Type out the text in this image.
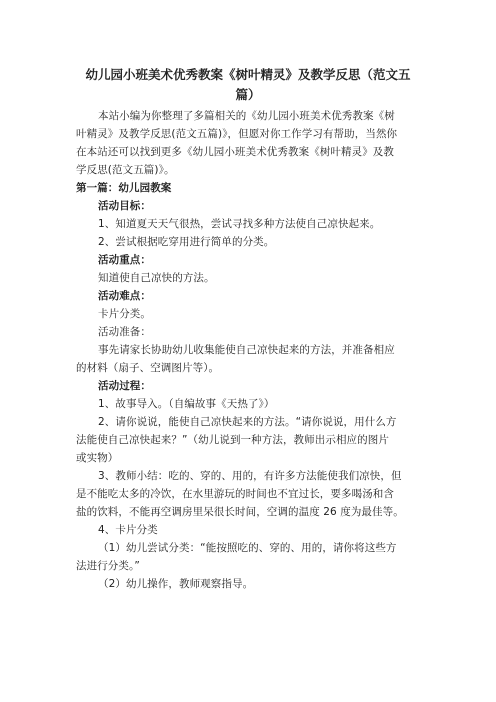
幼儿园小班美术优秀教案《树叶精灵》及教学反思（范文五
篇）
本站小编为你整理了多篇相关的《幼儿园小班美术优秀教案《树
叶精灵》及教学反思(范文五篇)》，但愿对你工作学习有帮助，当然你
在本站还可以找到更多《幼儿园小班美术优秀教案《树叶精灵》及教
学反思(范文五篇)》。
第一篇：幼儿园教案
活动目标：
1、知道夏天天气很热，尝试寻找多种方法使自己凉快起来。
2、尝试根据吃穿用进行简单的分类。
活动重点：
知道使自己凉快的方法。
活动难点：
卡片分类。
活动准备：
事先请家长协助幼儿收集能使自己凉快起来的方法，并准备相应
的材料（扇子、空调图片等）。
活动过程：
1、故事导入。（自编故事《天热了》）
2、请你说说，能使自己凉快起来的方法。“请你说说，用什么方
法能使自己凉快起来？”（幼儿说到一种方法，教师出示相应的图片
或实物）
3、教师小结：吃的、穿的、用的，有许多方法能使我们凉快，但
是不能吃太多的冷饮，在水里游玩的时间也不宜过长，要多喝汤和含
盐的饮料，不能再空调房里呆很长时间，空调的温度 26 度为最佳等。
4、卡片分类
（1）幼儿尝试分类：“能按照吃的、穿的、用的，请你将这些方
法进行分类。”
（2）幼儿操作，教师观察指导。
